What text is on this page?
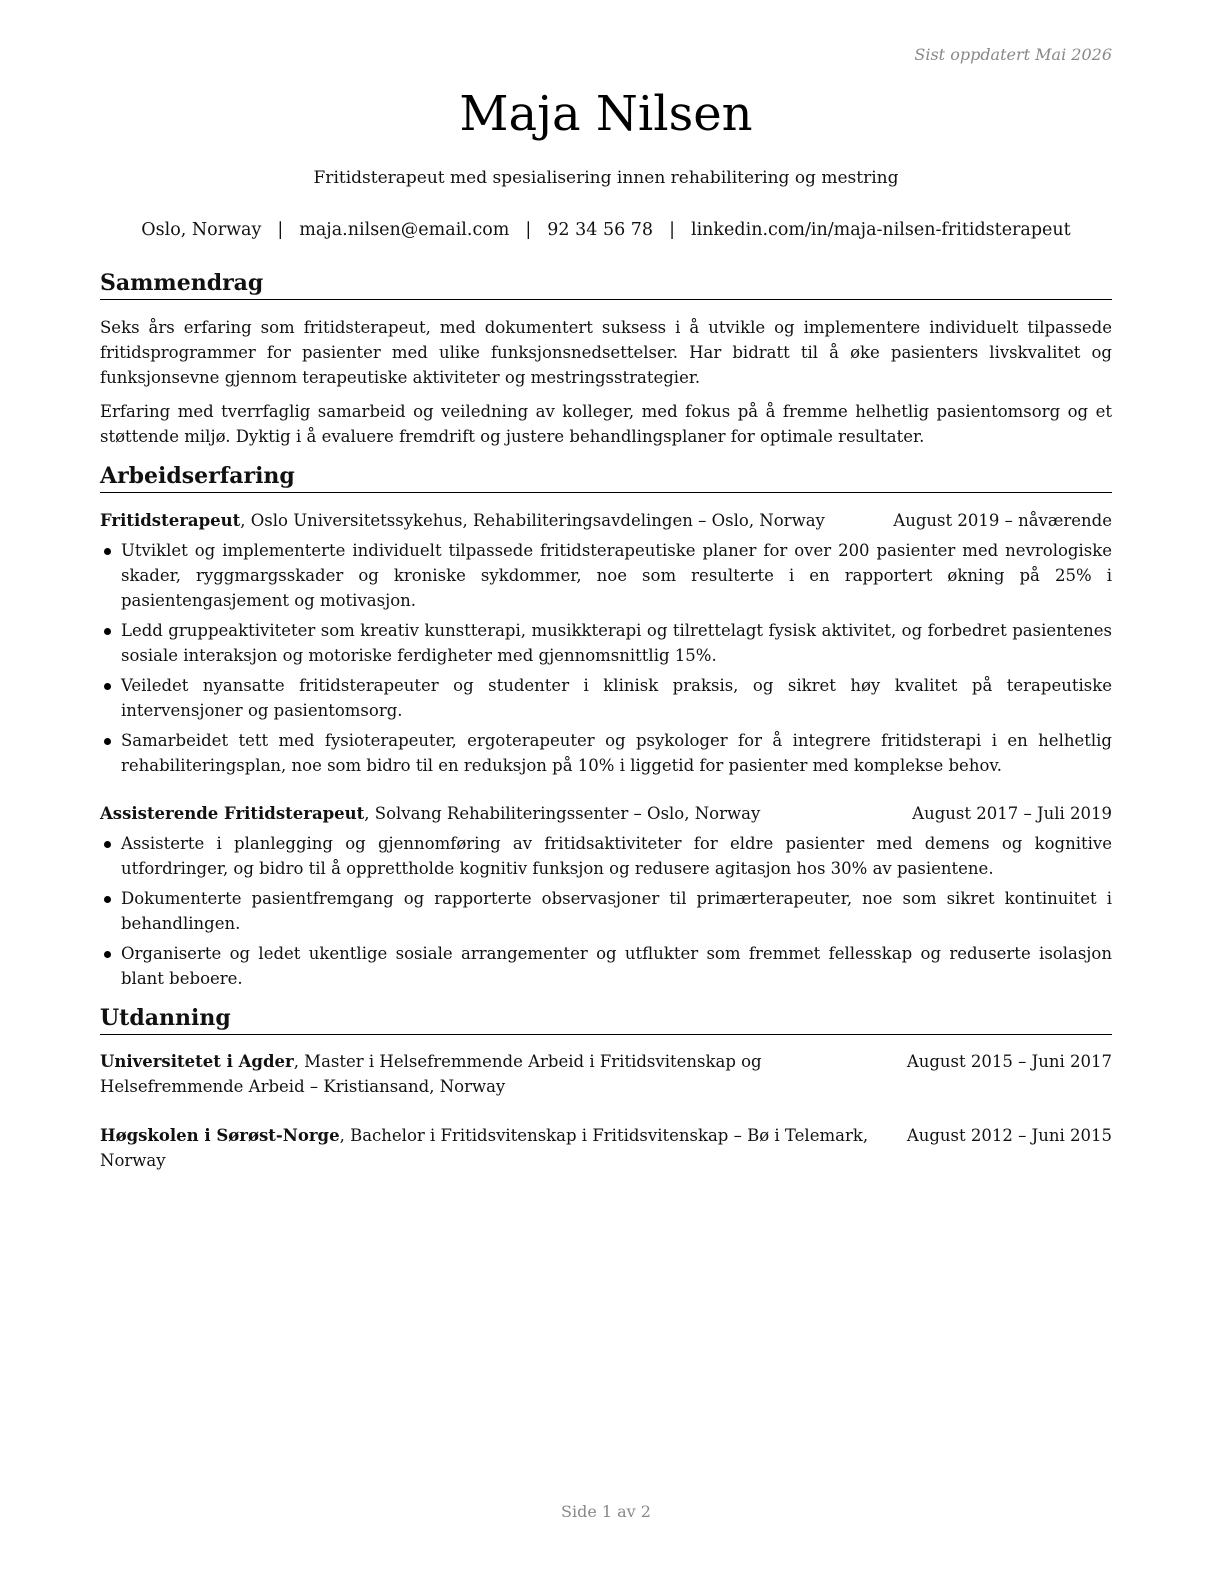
Sist oppdatert Mai 2026
Maja Nilsen
Fritidsterapeut med spesialisering innen rehabilitering og mestring
Oslo, Norway | maja.nilsen@email.com | 92 34 56 78 | linkedin.com/in/maja-nilsen-fritidsterapeut
Sammendrag

Seks års erfaring som fritidsterapeut, med dokumentert suksess i å utvikle og implementere individuelt tilpassede fritidsprogrammer for pasienter med ulike funksjonsnedsettelser. Har bidratt til å øke pasienters livskvalitet og funksjonsevne gjennom terapeutiske aktiviteter og mestringsstrategier.

Erfaring med tverrfaglig samarbeid og veiledning av kolleger, med fokus på å fremme helhetlig pasientomsorg og et støttende miljø. Dyktig i å evaluere fremdrift og justere behandlingsplaner for optimale resultater.

Arbeidserfaring
Fritidsterapeut, Oslo Universitetssykehus, Rehabiliteringsavdelingen – Oslo, Norway	August 2019 – nåværende
Utviklet og implementerte individuelt tilpassede fritidsterapeutiske planer for over 200 pasienter med nevrologiske skader, ryggmargsskader og kroniske sykdommer, noe som resulterte i en rapportert økning på 25% i pasientengasjement og motivasjon.
Ledd gruppeaktiviteter som kreativ kunstterapi, musikkterapi og tilrettelagt fysisk aktivitet, og forbedret pasientenes sosiale interaksjon og motoriske ferdigheter med gjennomsnittlig 15%.
Veiledet nyansatte fritidsterapeuter og studenter i klinisk praksis, og sikret høy kvalitet på terapeutiske intervensjoner og pasientomsorg.
Samarbeidet tett med fysioterapeuter, ergoterapeuter og psykologer for å integrere fritidsterapi i en helhetlig rehabiliteringsplan, noe som bidro til en reduksjon på 10% i liggetid for pasienter med komplekse behov.
Assisterende Fritidsterapeut, Solvang Rehabiliteringssenter – Oslo, Norway	August 2017 – Juli 2019
Assisterte i planlegging og gjennomføring av fritidsaktiviteter for eldre pasienter med demens og kognitive utfordringer, og bidro til å opprettholde kognitiv funksjon og redusere agitasjon hos 30% av pasientene.
Dokumenterte pasientfremgang og rapporterte observasjoner til primærterapeuter, noe som sikret kontinuitet i behandlingen.
Organiserte og ledet ukentlige sosiale arrangementer og utflukter som fremmet fellesskap og reduserte isolasjon blant beboere.
Utdanning
Universitetet i Agder, Master i Helsefremmende Arbeid i Fritidsvitenskap og Helsefremmende Arbeid – Kristiansand, Norway
August 2015 – Juni 2017
Høgskolen i Sørøst-Norge, Bachelor i Fritidsvitenskap i Fritidsvitenskap – Bø i Telemark, Norway
August 2012 – Juni 2015
Side 1 av 2
